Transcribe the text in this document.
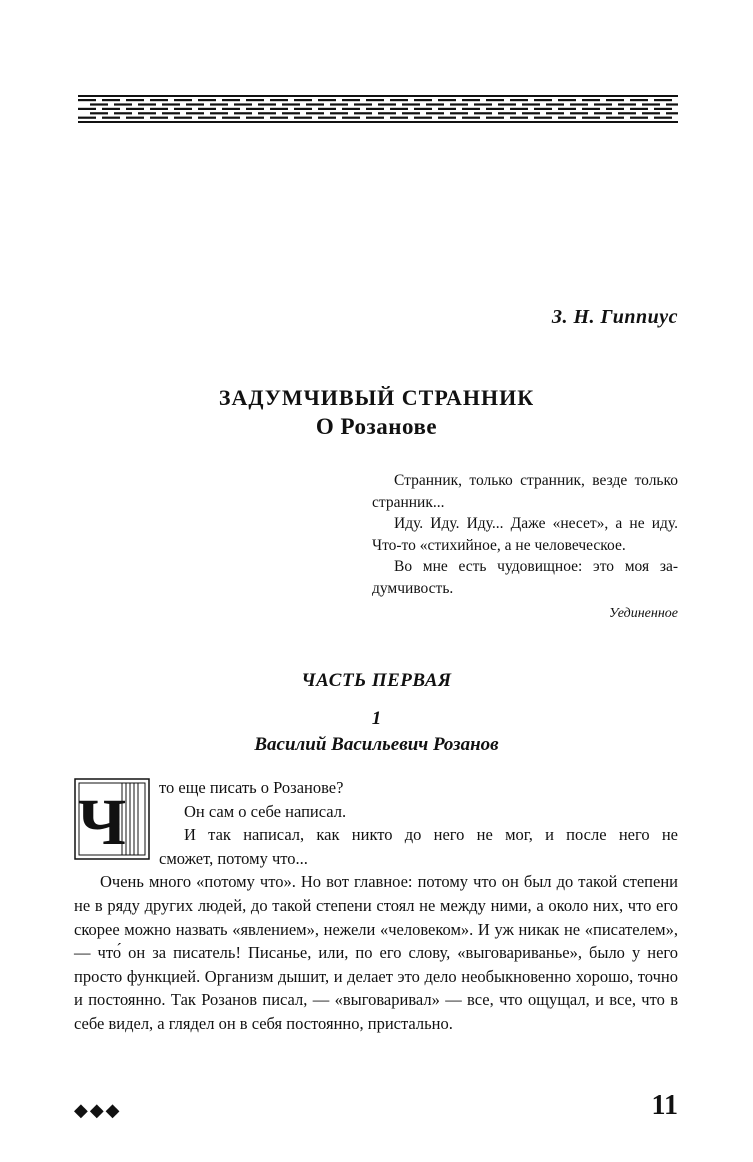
З. Н. Гиппиус
ЗАДУМЧИВЫЙ СТРАННИК
О Розанове

Странник, только странник, везде только странник...

Иду. Иду. Иду... Даже «несет», а не иду. Что-то «стихийное, а не человеческое.

Во мне есть чудовищное: это моя задумчивость.

Уединенное
ЧАСТЬ ПЕРВАЯ
1
Василий Васильевич Розанов
Ч	то еще писать о Розанове?
Он сам о себе написал.
И так написал, как никто до него не мог, и после него не
сможет, потому что...
Очень много «потому что». Но вот главное: потому что он был до такой степени не в ряду других людей, до такой степени стоял не между ними, а около них, что его скорее можно назвать «явлением», нежели «человеком». И уж никак не «писателем», — что́ он за писатель! Писанье, или, по его слову, «выговариванье», было у него просто функцией. Организм дышит, и делает это дело необыкновенно хорошо, точно и постоянно. Так Розанов писал, — «выговаривал» — все, что ощущал, и все, что в себе видел, а глядел он в себя постоянно, пристально.
◆◆◆	11
